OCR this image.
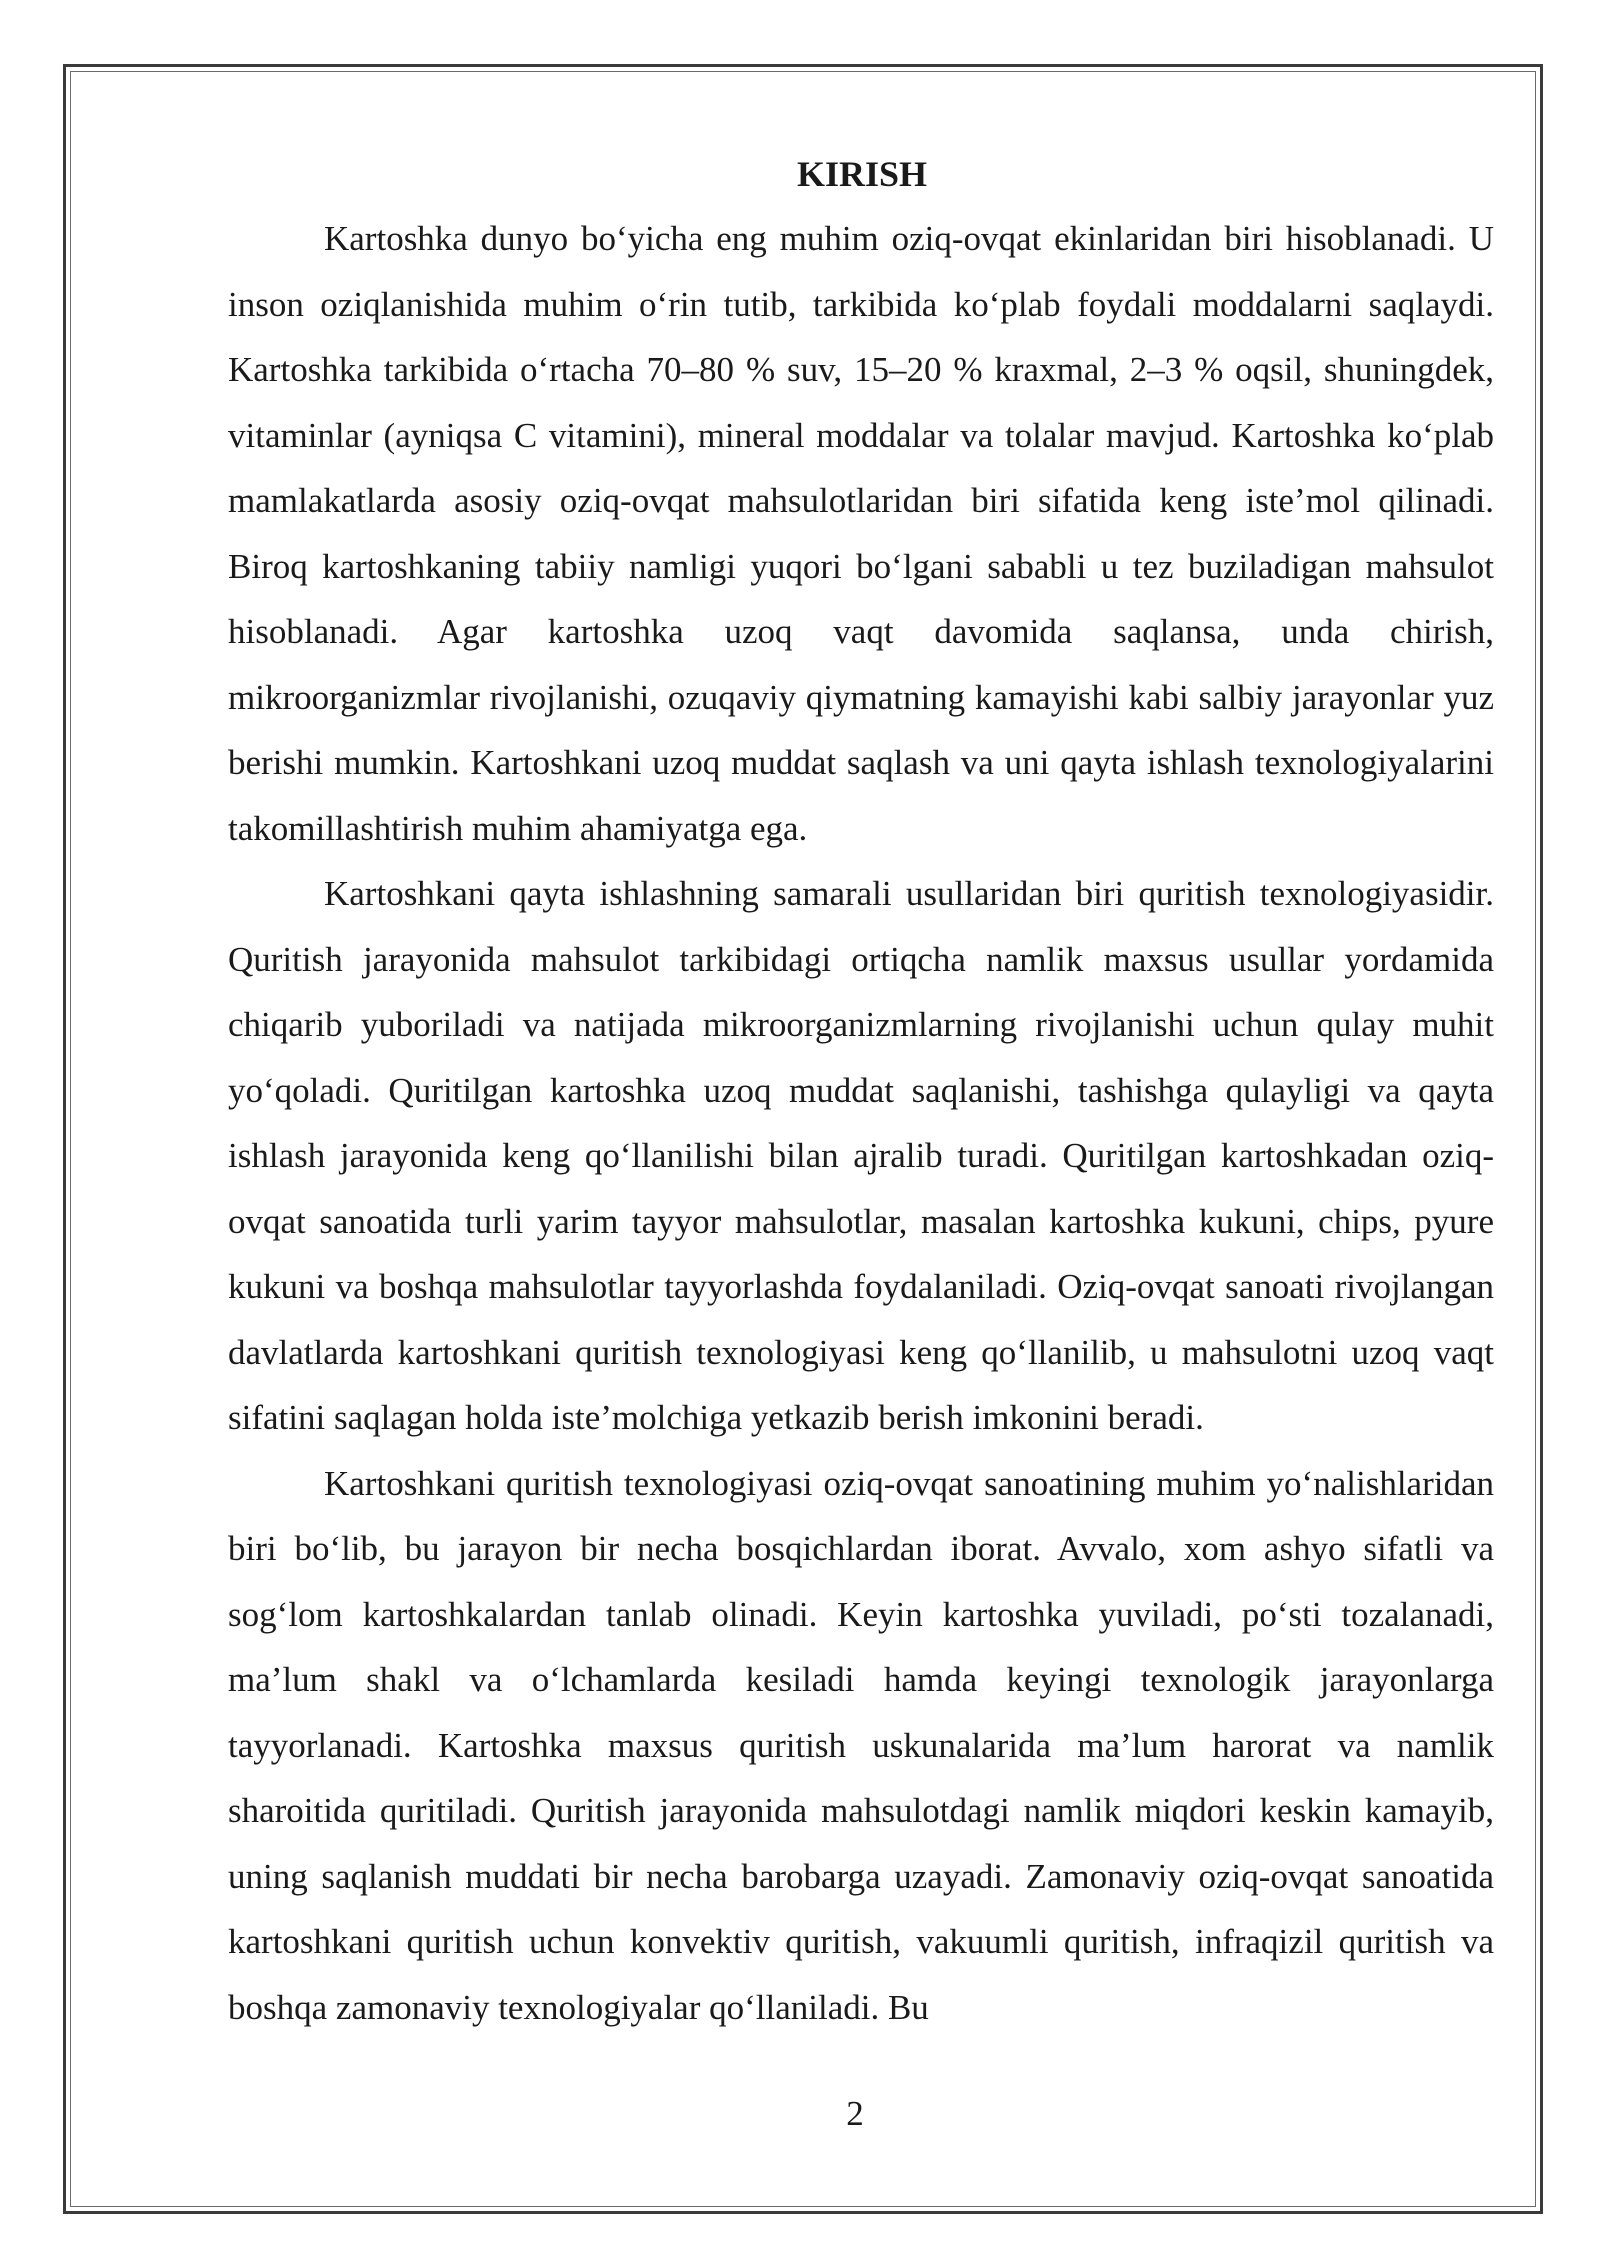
KIRISH

Kartoshka dunyo bo‘yicha eng muhim oziq-ovqat ekinlaridan biri hisoblanadi. U inson oziqlanishida muhim o‘rin tutib, tarkibida ko‘plab foydali moddalarni saqlaydi. Kartoshka tarkibida o‘rtacha 70–80 % suv, 15–20 % kraxmal, 2–3 % oqsil, shuningdek, vitaminlar (ayniqsa C vitamini), mineral moddalar va tolalar mavjud. Kartoshka ko‘plab mamlakatlarda asosiy oziq-ovqat mahsulotlaridan biri sifatida keng iste’mol qilinadi. Biroq kartoshkaning tabiiy namligi yuqori bo‘lgani sababli u tez buziladigan mahsulot hisoblanadi. Agar kartoshka uzoq vaqt davomida saqlansa, unda chirish, mikroorganizmlar rivojlanishi, ozuqaviy qiymatning kamayishi kabi salbiy jarayonlar yuz berishi mumkin. Kartoshkani uzoq muddat saqlash va uni qayta ishlash texnologiyalarini takomillashtirish muhim ahamiyatga ega.

Kartoshkani qayta ishlashning samarali usullaridan biri quritish texnologiyasidir. Quritish jarayonida mahsulot tarkibidagi ortiqcha namlik maxsus usullar yordamida chiqarib yuboriladi va natijada mikroorganizmlarning rivojlanishi uchun qulay muhit yo‘qoladi. Quritilgan kartoshka uzoq muddat saqlanishi, tashishga qulayligi va qayta ishlash jarayonida keng qo‘llanilishi bilan ajralib turadi. Quritilgan kartoshkadan oziq-ovqat sanoatida turli yarim tayyor mahsulotlar, masalan kartoshka kukuni, chips, pyure kukuni va boshqa mahsulotlar tayyorlashda foydalaniladi. Oziq-ovqat sanoati rivojlangan davlatlarda kartoshkani quritish texnologiyasi keng qo‘llanilib, u mahsulotni uzoq vaqt sifatini saqlagan holda iste’molchiga yetkazib berish imkonini beradi.

Kartoshkani quritish texnologiyasi oziq-ovqat sanoatining muhim yo‘nalishlaridan biri bo‘lib, bu jarayon bir necha bosqichlardan iborat. Avvalo, xom ashyo sifatli va sog‘lom kartoshkalardan tanlab olinadi. Keyin kartoshka yuviladi, po‘sti tozalanadi, ma’lum shakl va o‘lchamlarda kesiladi hamda keyingi texnologik jarayonlarga tayyorlanadi. Kartoshka maxsus quritish uskunalarida ma’lum harorat va namlik sharoitida quritiladi. Quritish jarayonida mahsulotdagi namlik miqdori keskin kamayib, uning saqlanish muddati bir necha barobarga uzayadi. Zamonaviy oziq-ovqat sanoatida kartoshkani quritish uchun konvektiv quritish, vakuumli quritish, infraqizil quritish va boshqa zamonaviy texnologiyalar qo‘llaniladi. Bu

2
